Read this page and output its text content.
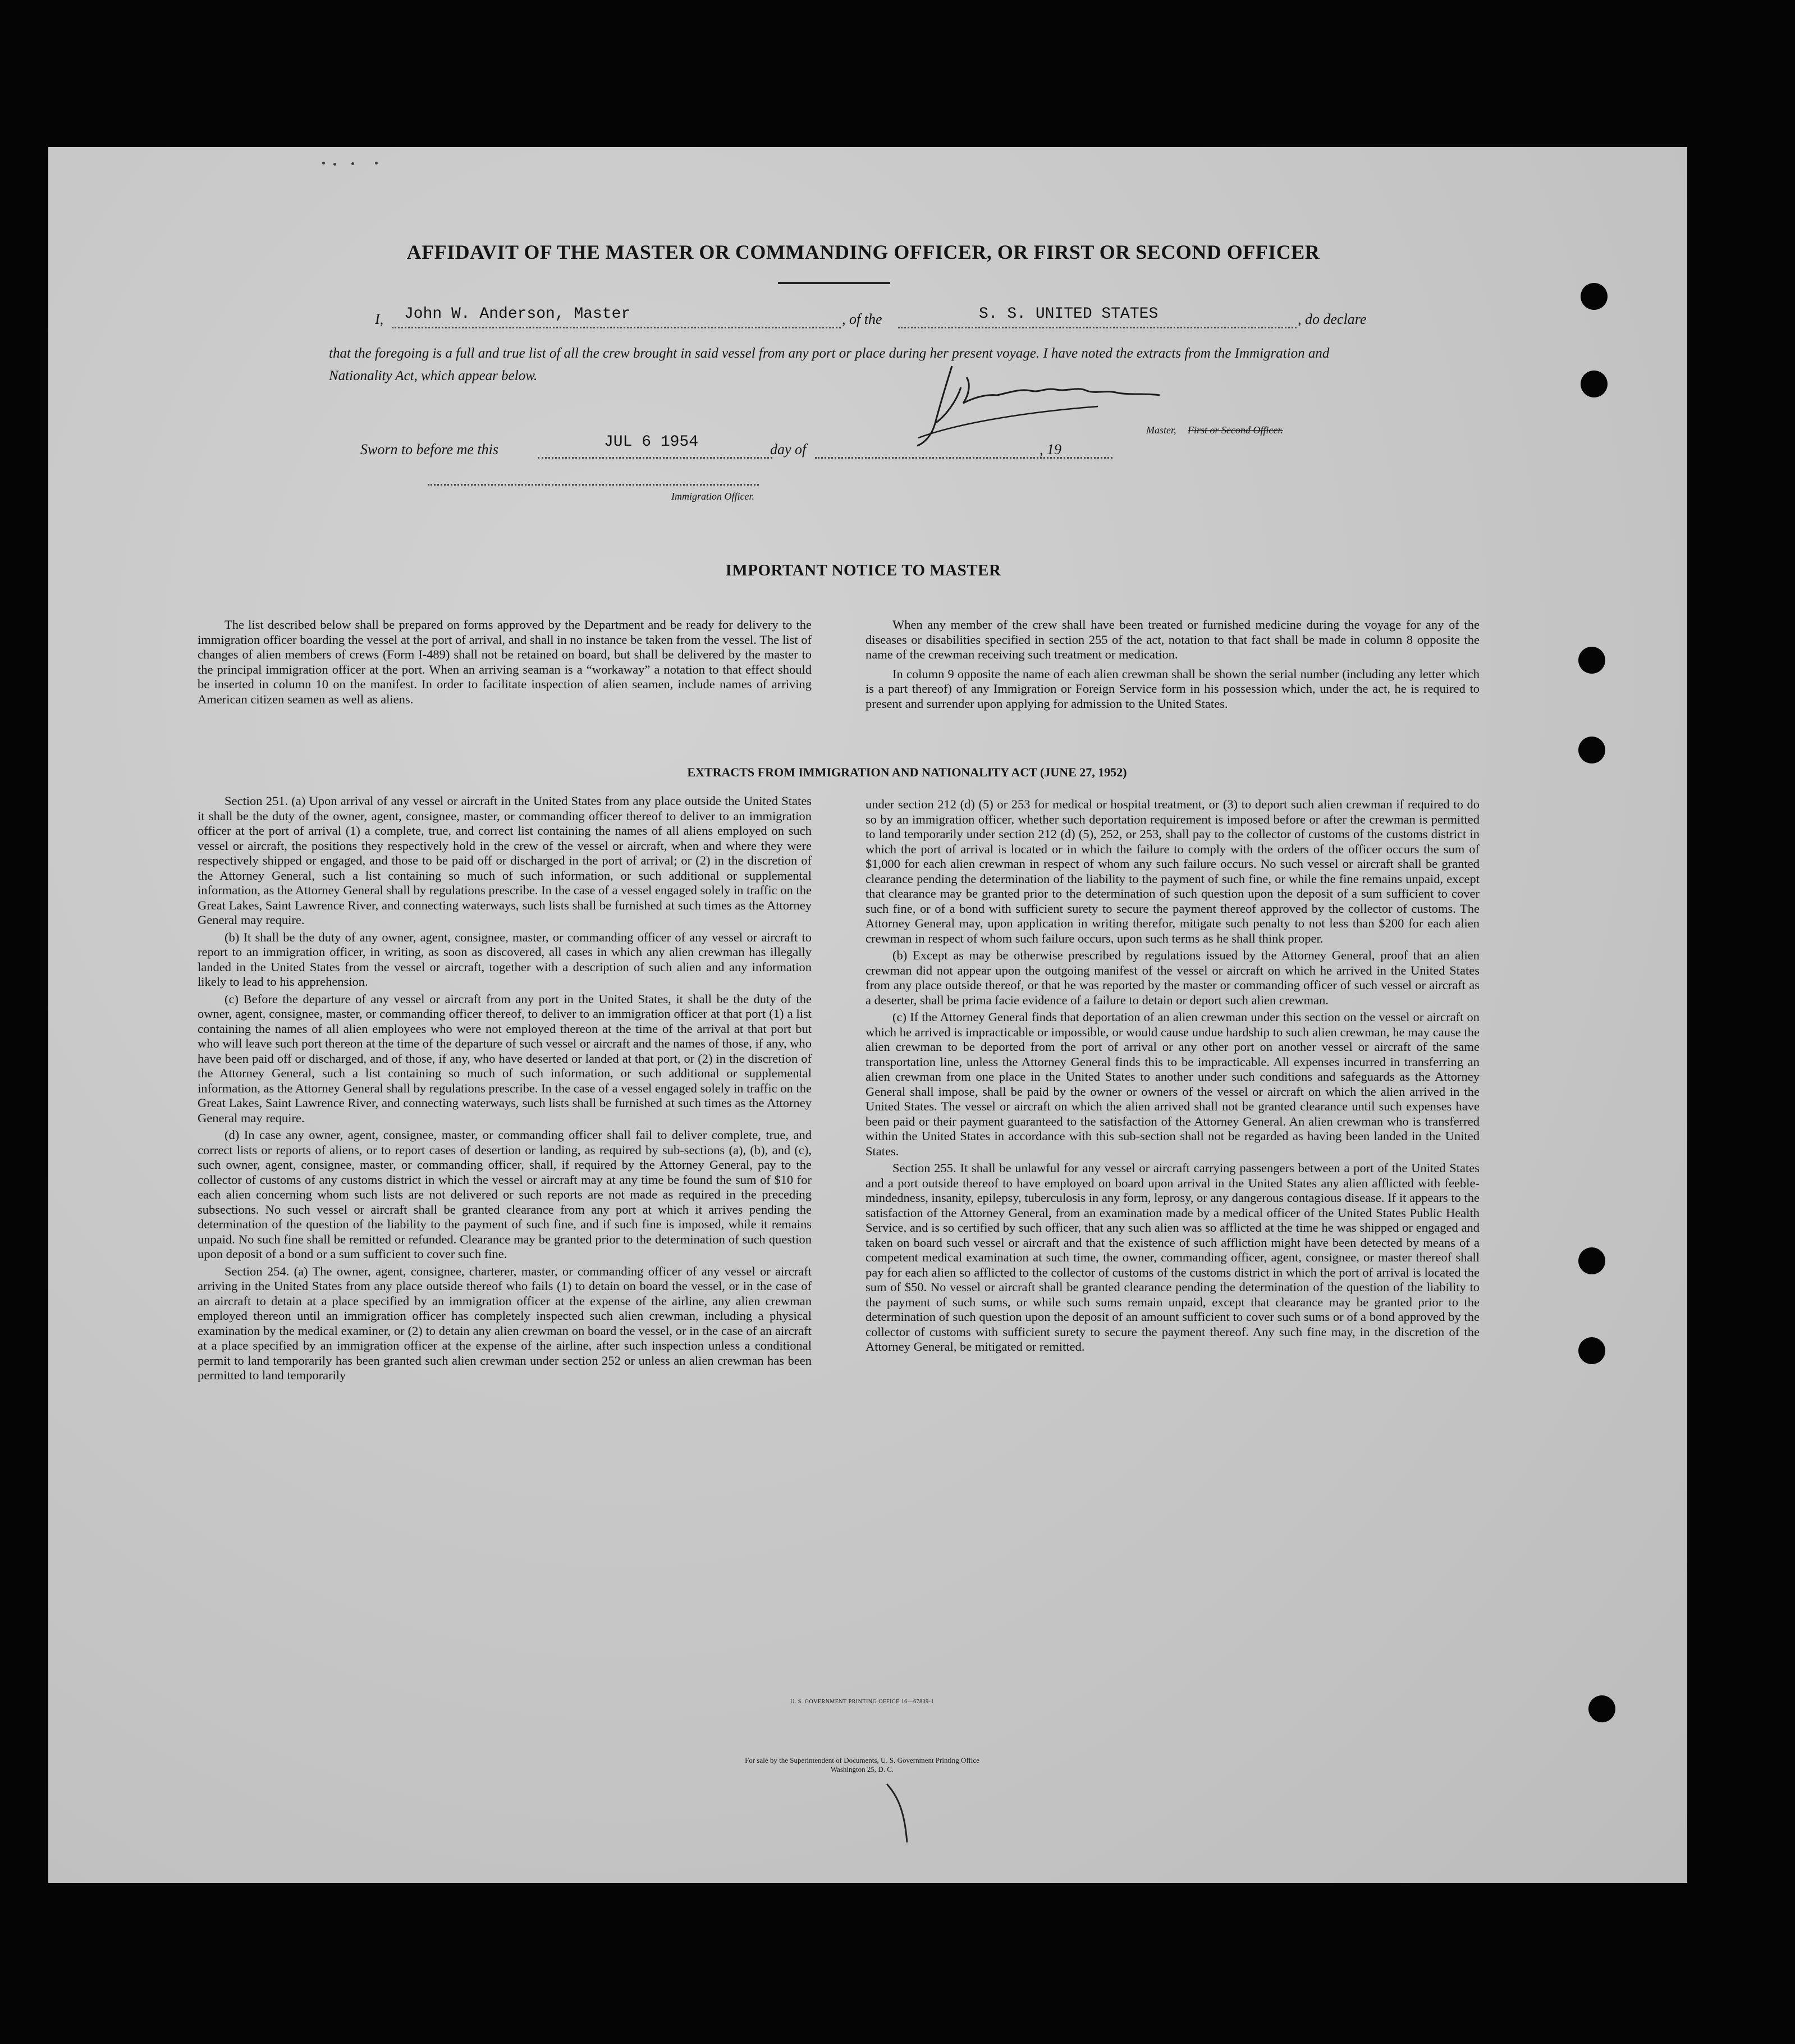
AFFIDAVIT OF THE MASTER OR COMMANDING OFFICER, OR FIRST OR SECOND OFFICER
I, John W. Anderson, Master	, of the	S. S. UNITED STATES	, do declare

that the foregoing is a full and true list of all the crew brought in said vessel from any port or place during her present voyage. I have noted the extracts from the Immigration and Nationality Act, which appear below.

Master, First or Second Officer.
Sworn to before me this	JUL 6 1954	day of	, 19
Immigration Officer.
IMPORTANT NOTICE TO MASTER

The list described below shall be prepared on forms approved by the Department and be ready for delivery to the immigration officer boarding the vessel at the port of arrival, and shall in no instance be taken from the vessel. The list of changes of alien members of crews (Form I-489) shall not be retained on board, but shall be delivered by the master to the principal immigration officer at the port. When an arriving seaman is a “workaway” a notation to that effect should be inserted in column 10 on the manifest. In order to facilitate inspection of alien seamen, include names of arriving American citizen seamen as well as aliens.

When any member of the crew shall have been treated or furnished medicine during the voyage for any of the diseases or disabilities specified in section 255 of the act, notation to that fact shall be made in column 8 opposite the name of the crewman receiving such treatment or medication.

In column 9 opposite the name of each alien crewman shall be shown the serial number (including any letter which is a part thereof) of any Immigration or Foreign Service form in his possession which, under the act, he is required to present and surrender upon applying for admission to the United States.

EXTRACTS FROM IMMIGRATION AND NATIONALITY ACT (JUNE 27, 1952)

Section 251. (a) Upon arrival of any vessel or aircraft in the United States from any place outside the United States it shall be the duty of the owner, agent, consignee, master, or commanding officer thereof to deliver to an immigration officer at the port of arrival (1) a complete, true, and correct list containing the names of all aliens employed on such vessel or aircraft, the positions they respectively hold in the crew of the vessel or aircraft, when and where they were respectively shipped or engaged, and those to be paid off or discharged in the port of arrival; or (2) in the discretion of the Attorney General, such a list containing so much of such information, or such additional or supplemental information, as the Attorney General shall by regulations prescribe. In the case of a vessel engaged solely in traffic on the Great Lakes, Saint Lawrence River, and connecting waterways, such lists shall be furnished at such times as the Attorney General may require.

(b) It shall be the duty of any owner, agent, consignee, master, or commanding officer of any vessel or aircraft to report to an immigration officer, in writing, as soon as discovered, all cases in which any alien crewman has illegally landed in the United States from the vessel or aircraft, together with a description of such alien and any information likely to lead to his apprehension.

(c) Before the departure of any vessel or aircraft from any port in the United States, it shall be the duty of the owner, agent, consignee, master, or commanding officer thereof, to deliver to an immigration officer at that port (1) a list containing the names of all alien employees who were not employed thereon at the time of the arrival at that port but who will leave such port thereon at the time of the departure of such vessel or aircraft and the names of those, if any, who have been paid off or discharged, and of those, if any, who have deserted or landed at that port, or (2) in the discretion of the Attorney General, such a list containing so much of such information, or such additional or supplemental information, as the Attorney General shall by regulations prescribe. In the case of a vessel engaged solely in traffic on the Great Lakes, Saint Lawrence River, and connecting waterways, such lists shall be furnished at such times as the Attorney General may require.

(d) In case any owner, agent, consignee, master, or commanding officer shall fail to deliver complete, true, and correct lists or reports of aliens, or to report cases of desertion or landing, as required by sub-sections (a), (b), and (c), such owner, agent, consignee, master, or commanding officer, shall, if required by the Attorney General, pay to the collector of customs of any customs district in which the vessel or aircraft may at any time be found the sum of $10 for each alien concerning whom such lists are not delivered or such reports are not made as required in the preceding subsections. No such vessel or aircraft shall be granted clearance from any port at which it arrives pending the determination of the question of the liability to the payment of such fine, and if such fine is imposed, while it remains unpaid. No such fine shall be remitted or refunded. Clearance may be granted prior to the determination of such question upon deposit of a bond or a sum sufficient to cover such fine.

Section 254. (a) The owner, agent, consignee, charterer, master, or commanding officer of any vessel or aircraft arriving in the United States from any place outside thereof who fails (1) to detain on board the vessel, or in the case of an aircraft to detain at a place specified by an immigration officer at the expense of the airline, any alien crewman employed thereon until an immigration officer has completely inspected such alien crewman, including a physical examination by the medical examiner, or (2) to detain any alien crewman on board the vessel, or in the case of an aircraft at a place specified by an immigration officer at the expense of the airline, after such inspection unless a conditional permit to land temporarily has been granted such alien crewman under section 252 or unless an alien crewman has been permitted to land temporarily

under section 212 (d) (5) or 253 for medical or hospital treatment, or (3) to deport such alien crewman if required to do so by an immigration officer, whether such deportation requirement is imposed before or after the crewman is permitted to land temporarily under section 212 (d) (5), 252, or 253, shall pay to the collector of customs of the customs district in which the port of arrival is located or in which the failure to comply with the orders of the officer occurs the sum of $1,000 for each alien crewman in respect of whom any such failure occurs. No such vessel or aircraft shall be granted clearance pending the determination of the liability to the payment of such fine, or while the fine remains unpaid, except that clearance may be granted prior to the determination of such question upon the deposit of a sum sufficient to cover such fine, or of a bond with sufficient surety to secure the payment thereof approved by the collector of customs. The Attorney General may, upon application in writing therefor, mitigate such penalty to not less than $200 for each alien crewman in respect of whom such failure occurs, upon such terms as he shall think proper.

(b) Except as may be otherwise prescribed by regulations issued by the Attorney General, proof that an alien crewman did not appear upon the outgoing manifest of the vessel or aircraft on which he arrived in the United States from any place outside thereof, or that he was reported by the master or commanding officer of such vessel or aircraft as a deserter, shall be prima facie evidence of a failure to detain or deport such alien crewman.

(c) If the Attorney General finds that deportation of an alien crewman under this section on the vessel or aircraft on which he arrived is impracticable or impossible, or would cause undue hardship to such alien crewman, he may cause the alien crewman to be deported from the port of arrival or any other port on another vessel or aircraft of the same transportation line, unless the Attorney General finds this to be impracticable. All expenses incurred in transferring an alien crewman from one place in the United States to another under such conditions and safeguards as the Attorney General shall impose, shall be paid by the owner or owners of the vessel or aircraft on which the alien arrived in the United States. The vessel or aircraft on which the alien arrived shall not be granted clearance until such expenses have been paid or their payment guaranteed to the satisfaction of the Attorney General. An alien crewman who is transferred within the United States in accordance with this sub-section shall not be regarded as having been landed in the United States.

Section 255. It shall be unlawful for any vessel or aircraft carrying passengers between a port of the United States and a port outside thereof to have employed on board upon arrival in the United States any alien afflicted with feeble-mindedness, insanity, epilepsy, tuberculosis in any form, leprosy, or any dangerous contagious disease. If it appears to the satisfaction of the Attorney General, from an examination made by a medical officer of the United States Public Health Service, and is so certified by such officer, that any such alien was so afflicted at the time he was shipped or engaged and taken on board such vessel or aircraft and that the existence of such affliction might have been detected by means of a competent medical examination at such time, the owner, commanding officer, agent, consignee, or master thereof shall pay for each alien so afflicted to the collector of customs of the customs district in which the port of arrival is located the sum of $50. No vessel or aircraft shall be granted clearance pending the determination of the question of the liability to the payment of such sums, or while such sums remain unpaid, except that clearance may be granted prior to the determination of such question upon the deposit of an amount sufficient to cover such sums or of a bond approved by the collector of customs with sufficient surety to secure the payment thereof. Any such fine may, in the discretion of the Attorney General, be mitigated or remitted.

U. S. GOVERNMENT PRINTING OFFICE 16—67839-1

For sale by the Superintendent of Documents, U. S. Government Printing Office
Washington 25, D. C.
